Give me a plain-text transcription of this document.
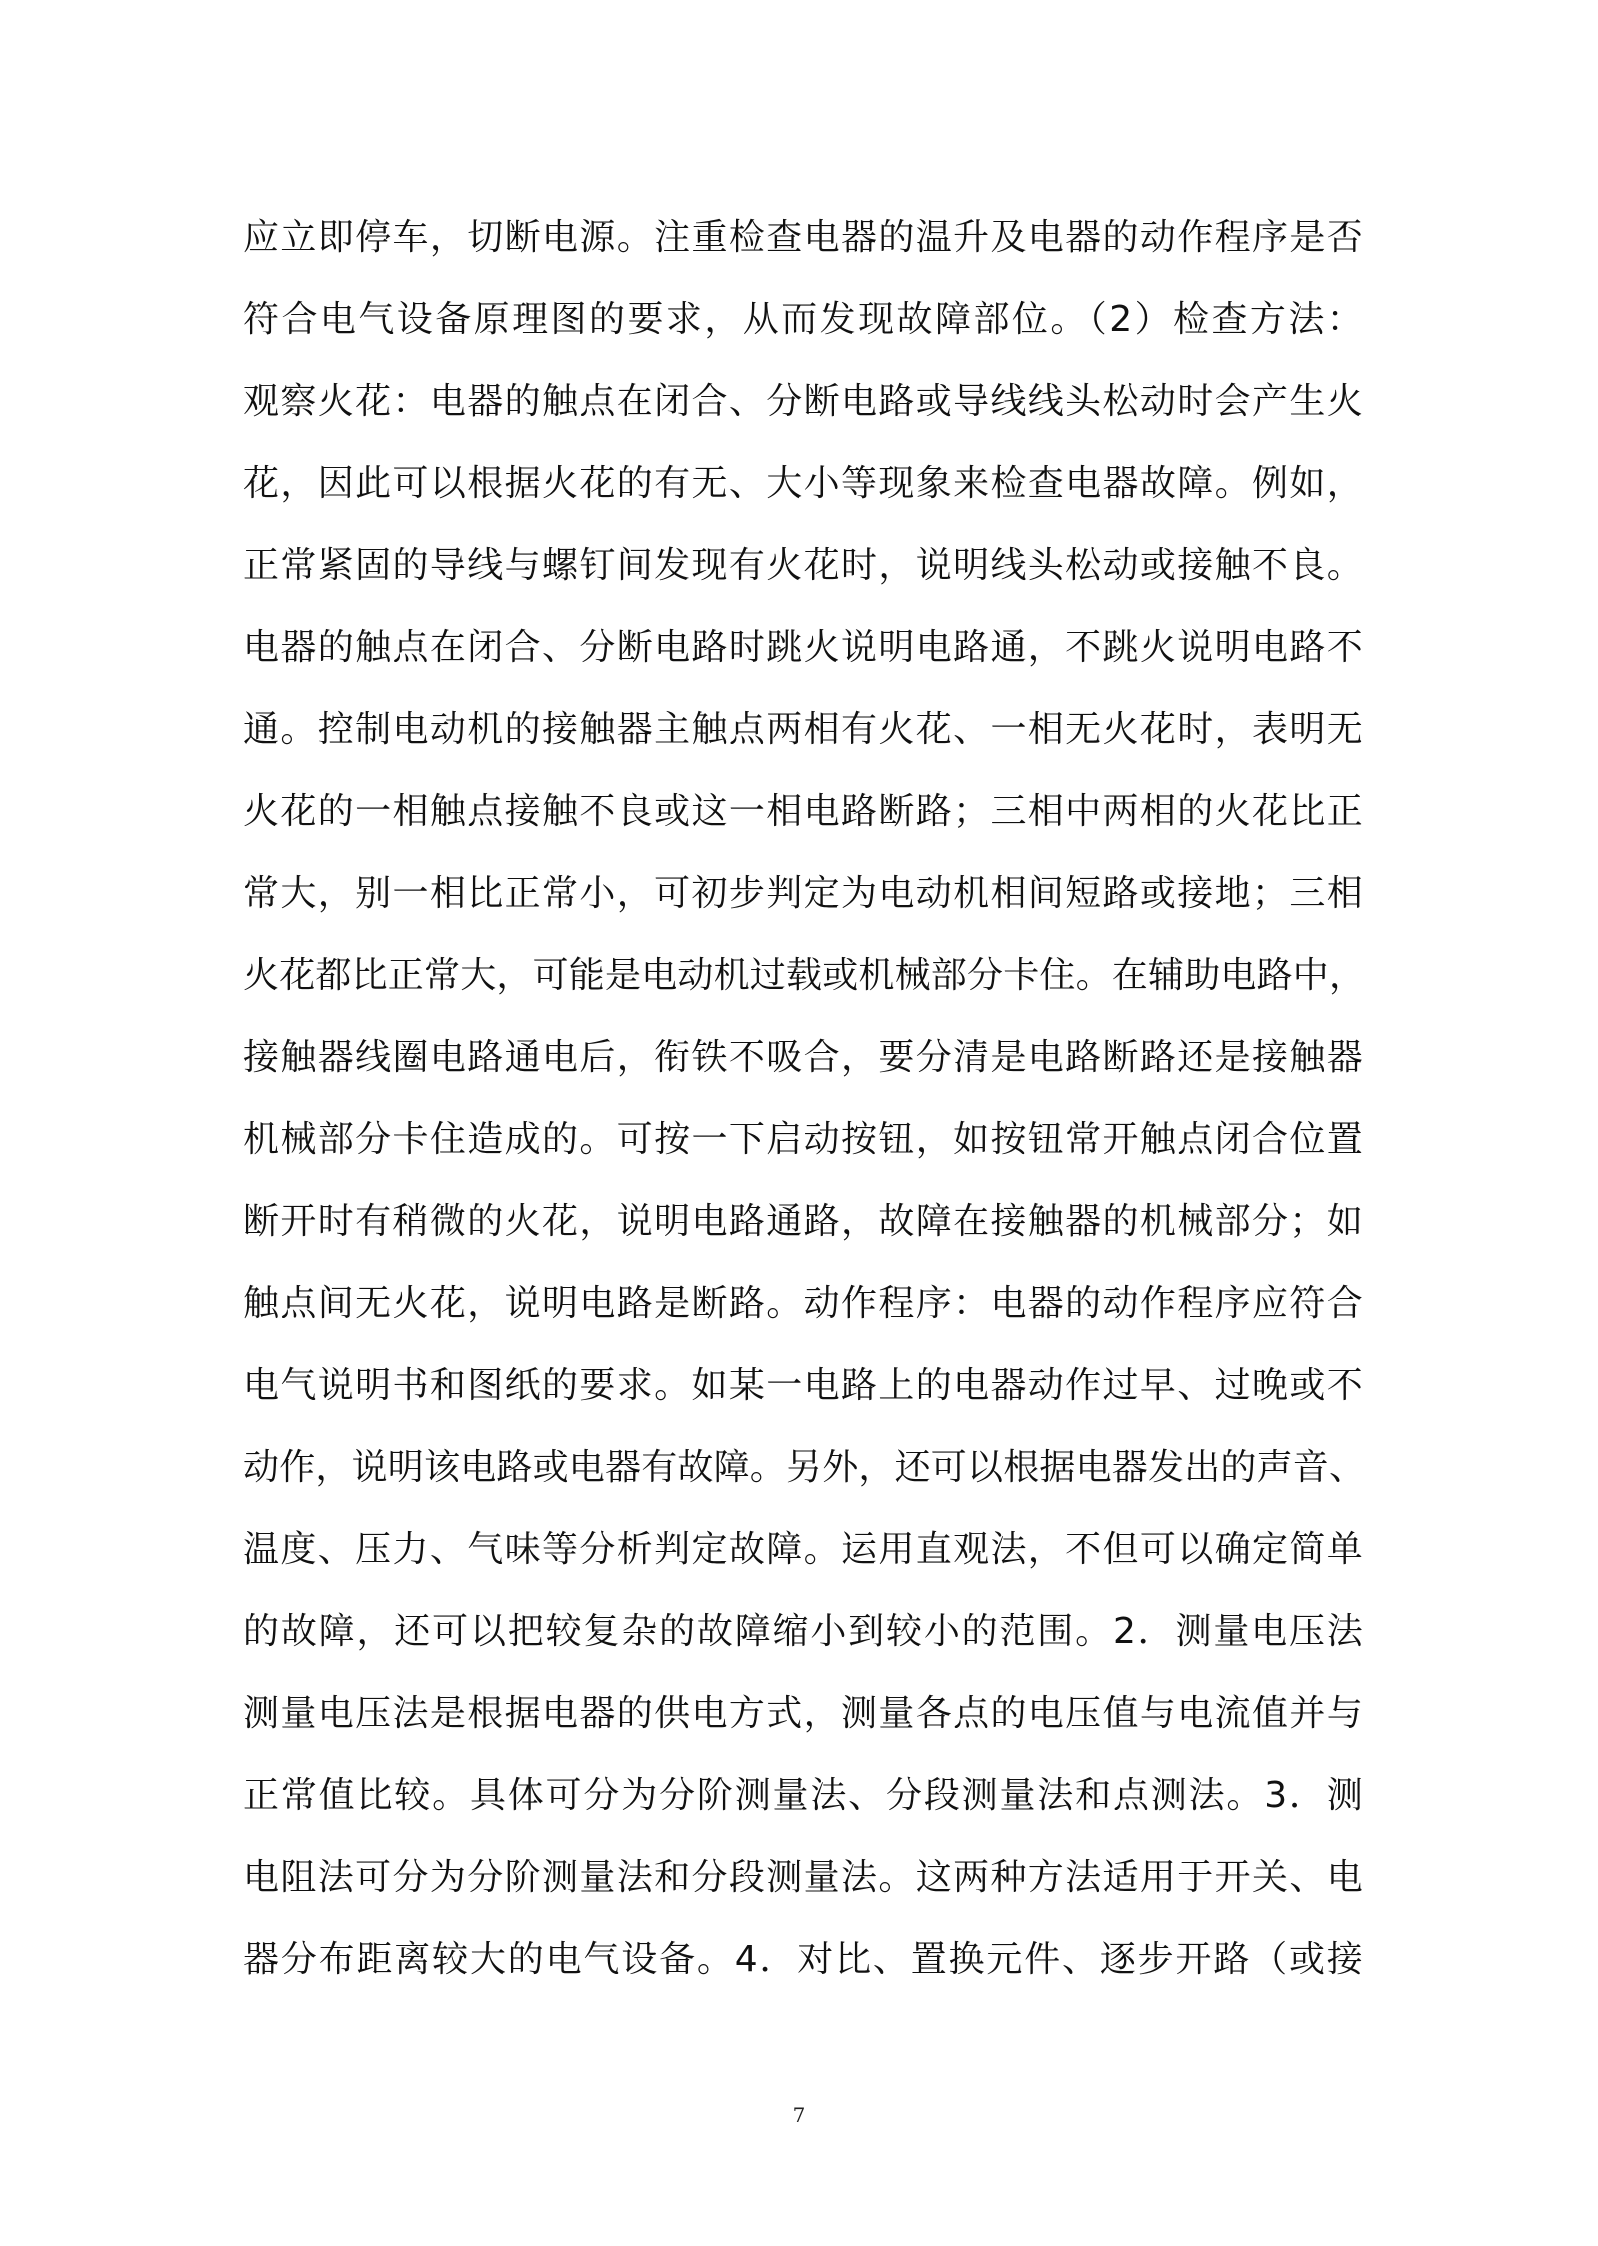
应立即停车，切断电源。注重检查电器的温升及电器的动作程序是否
符合电气设备原理图的要求，从而发现故障部位。（2）检查方法：
观察火花：电器的触点在闭合、分断电路或导线线头松动时会产生火
花，因此可以根据火花的有无、大小等现象来检查电器故障。例如，
正常紧固的导线与螺钉间发现有火花时，说明线头松动或接触不良。
电器的触点在闭合、分断电路时跳火说明电路通，不跳火说明电路不
通。控制电动机的接触器主触点两相有火花、一相无火花时，表明无
火花的一相触点接触不良或这一相电路断路；三相中两相的火花比正
常大，别一相比正常小，可初步判定为电动机相间短路或接地；三相
火花都比正常大，可能是电动机过载或机械部分卡住。在辅助电路中，
接触器线圈电路通电后，衔铁不吸合，要分清是电路断路还是接触器
机械部分卡住造成的。可按一下启动按钮，如按钮常开触点闭合位置
断开时有稍微的火花，说明电路通路，故障在接触器的机械部分；如
触点间无火花，说明电路是断路。动作程序：电器的动作程序应符合
电气说明书和图纸的要求。如某一电路上的电器动作过早、过晚或不
动作，说明该电路或电器有故障。另外，还可以根据电器发出的声音、
温度、压力、气味等分析判定故障。运用直观法，不但可以确定简单
的故障，还可以把较复杂的故障缩小到较小的范围。2．测量电压法
测量电压法是根据电器的供电方式，测量各点的电压值与电流值并与
正常值比较。具体可分为分阶测量法、分段测量法和点测法。3．测
电阻法可分为分阶测量法和分段测量法。这两种方法适用于开关、电
器分布距离较大的电气设备。4．对比、置换元件、逐步开路（或接
7
